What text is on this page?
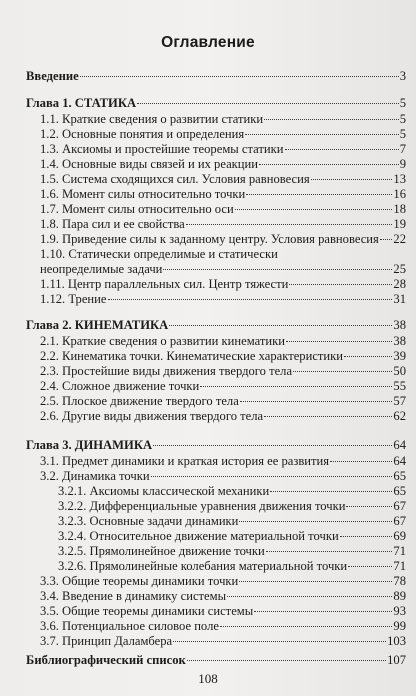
Оглавление
Введение	3
Глава 1. СТАТИКА	5
1.1. Краткие сведения о развитии статики	5
1.2. Основные понятия и определения	5
1.3. Аксиомы и простейшие теоремы статики	7
1.4. Основные виды связей и их реакции	9
1.5. Система сходящихся сил. Условия равновесия	13
1.6. Момент силы относительно точки	16
1.7. Момент силы относительно оси	18
1.8. Пара сил и ее свойства	19
1.9. Приведение силы к заданному центру. Условия равновесия 22
1.10. Статически определимые и статически
неопределимые задачи	25
1.11. Центр параллельных сил. Центр тяжести	28
1.12. Трение	31
Глава 2. КИНЕМАТИКА	38
2.1. Краткие сведения о развитии кинематики	38
2.2. Кинематика точки. Кинематические характеристики	39
2.3. Простейшие виды движения твердого тела	50
2.4. Сложное движение точки	55
2.5. Плоское движение твердого тела	57
2.6. Другие виды движения твердого тела	62
Глава 3. ДИНАМИКА	64
3.1. Предмет динамики и краткая история ее развития	64
3.2. Динамика точки	65
3.2.1. Аксиомы классической механики	65
3.2.2. Дифференциальные уравнения движения точки	67
3.2.3. Основные задачи динамики	67
3.2.4. Относительное движение материальной точки	69
3.2.5. Прямолинейное движение точки	71
3.2.6. Прямолинейные колебания материальной точки	71
3.3. Общие теоремы динамики точки	78
3.4. Введение в динамику системы	89
3.5. Общие теоремы динамики системы	93
3.6. Потенциальное силовое поле	99
3.7. Принцип Даламбера	103
Библиографический список	107
108
